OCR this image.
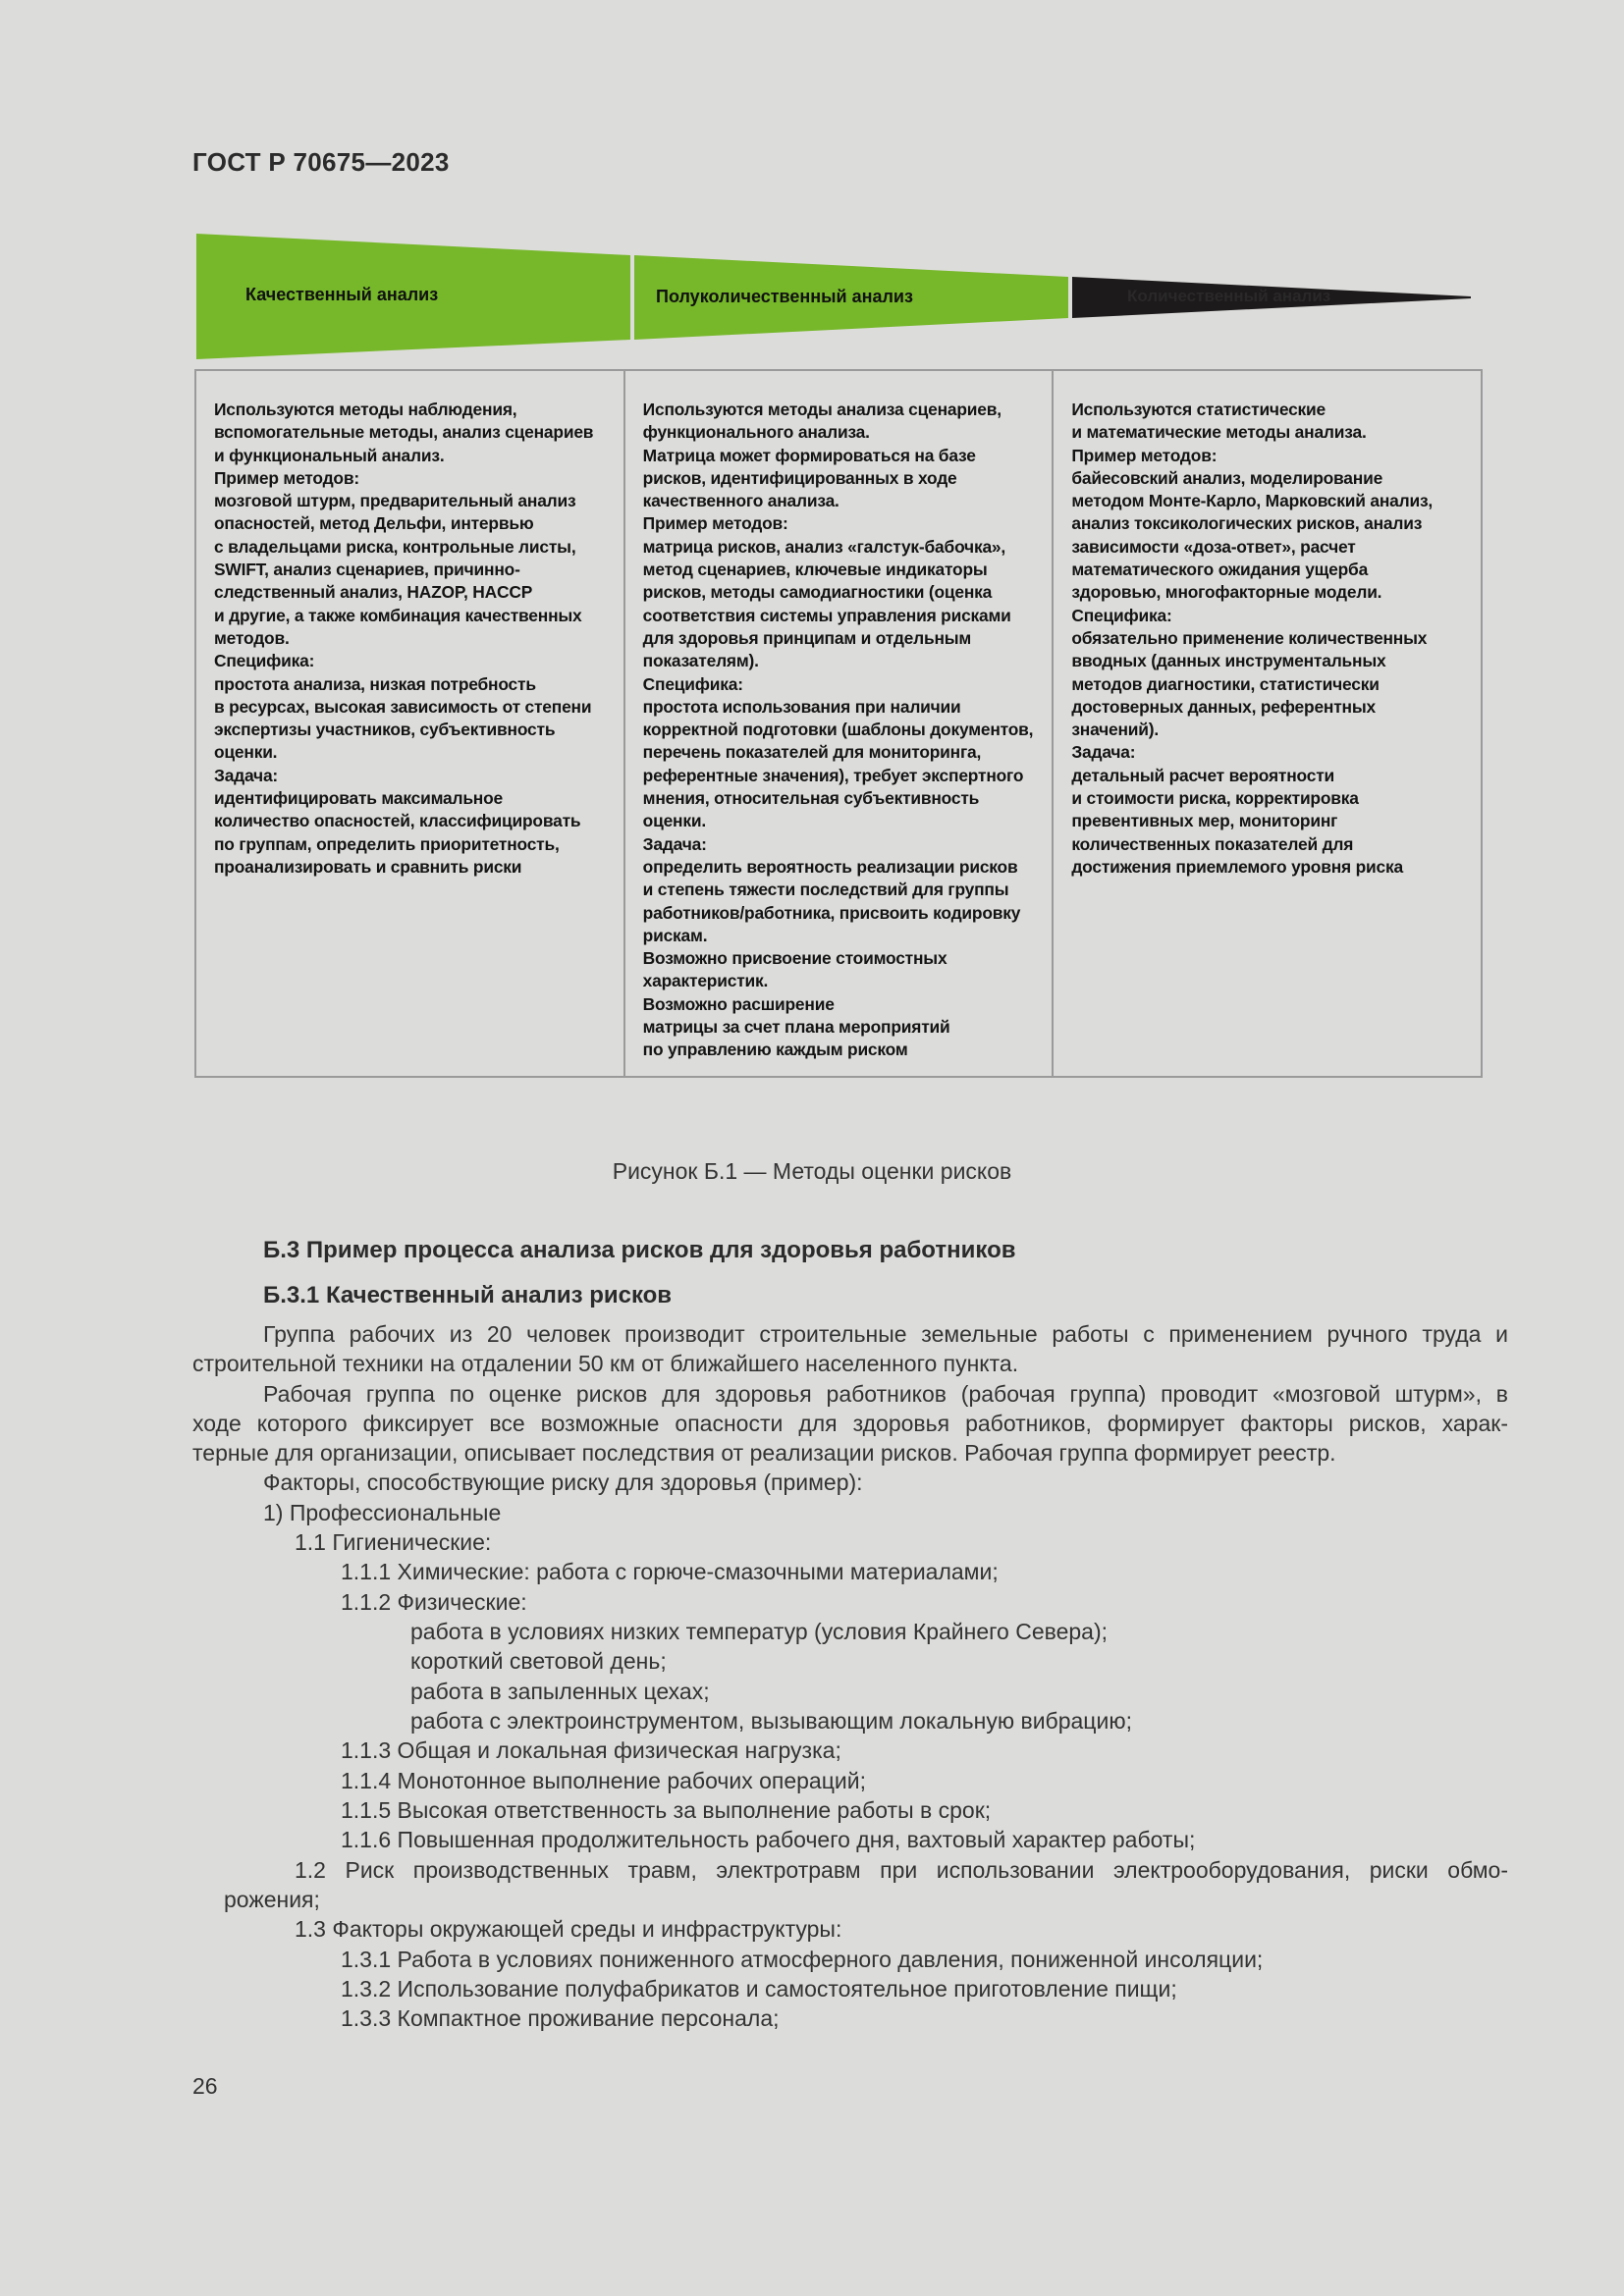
ГОСТ Р 70675—2023
Качественный анализ	Полуколичественный анализ	Количественный анализ
Используются методы наблюдения,
вспомогательные методы, анализ сценариев
и функциональный анализ.
Пример методов:
мозговой штурм, предварительный анализ
опасностей, метод Дельфи, интервью
с владельцами риска, контрольные листы,
SWIFT, анализ сценариев, причинно-
следственный анализ, HAZOP, HACCP
и другие, а также комбинация качественных
методов.
Специфика:
простота анализа, низкая потребность
в ресурсах, высокая зависимость от степени
экспертизы участников, субъективность
оценки.
Задача:
идентифицировать максимальное
количество опасностей, классифицировать
по группам, определить приоритетность,
проанализировать и сравнить риски
Используются методы анализа сценариев,
функционального анализа.
Матрица может формироваться на базе
рисков, идентифицированных в ходе
качественного анализа.
Пример методов:
матрица рисков, анализ «галстук-бабочка»,
метод сценариев, ключевые индикаторы
рисков, методы самодиагностики (оценка
соответствия системы управления рисками
для здоровья принципам и отдельным
показателям).
Специфика:
простота использования при наличии
корректной подготовки (шаблоны документов,
перечень показателей для мониторинга,
референтные значения), требует экспертного
мнения, относительная субъективность
оценки.
Задача:
определить вероятность реализации рисков
и степень тяжести последствий для группы
работников/работника, присвоить кодировку
рискам.
Возможно присвоение стоимостных
характеристик.
Возможно расширение
матрицы за счет плана мероприятий
по управлению каждым риском
Используются статистические
и математические методы анализа.
Пример методов:
байесовский анализ, моделирование
методом Монте-Карло, Марковский анализ,
анализ токсикологических рисков, анализ
зависимости «доза-ответ», расчет
математического ожидания ущерба
здоровью, многофакторные модели.
Специфика:
обязательно применение количественных
вводных (данных инструментальных
методов диагностики, статистически
достоверных данных, референтных
значений).
Задача:
детальный расчет вероятности
и стоимости риска, корректировка
превентивных мер, мониторинг
количественных показателей для
достижения приемлемого уровня риска
Рисунок Б.1 — Методы оценки рисков
Б.3 Пример процесса анализа рисков для здоровья работников
Б.3.1 Качественный анализ рисков
Группа рабочих из 20 человек производит строительные земельные работы с применением ручного труда и
строительной техники на отдалении 50 км от ближайшего населенного пункта.
Рабочая группа по оценке рисков для здоровья работников (рабочая группа) проводит «мозговой штурм», в
ходе которого фиксирует все возможные опасности для здоровья работников, формирует факторы рисков, харак-
терные для организации, описывает последствия от реализации рисков. Рабочая группа формирует реестр.
Факторы, способствующие риску для здоровья (пример):
1) Профессиональные
1.1 Гигиенические:
1.1.1 Химические: работа с горюче-смазочными материалами;
1.1.2 Физические:
работа в условиях низких температур (условия Крайнего Севера);
короткий световой день;
работа в запыленных цехах;
работа с электроинструментом, вызывающим локальную вибрацию;
1.1.3 Общая и локальная физическая нагрузка;
1.1.4 Монотонное выполнение рабочих операций;
1.1.5 Высокая ответственность за выполнение работы в срок;
1.1.6 Повышенная продолжительность рабочего дня, вахтовый характер работы;
1.2 Риск производственных травм, электротравм при использовании электрооборудования, риски обмо-
рожения;
1.3 Факторы окружающей среды и инфраструктуры:
1.3.1 Работа в условиях пониженного атмосферного давления, пониженной инсоляции;
1.3.2 Использование полуфабрикатов и самостоятельное приготовление пищи;
1.3.3 Компактное проживание персонала;
26
